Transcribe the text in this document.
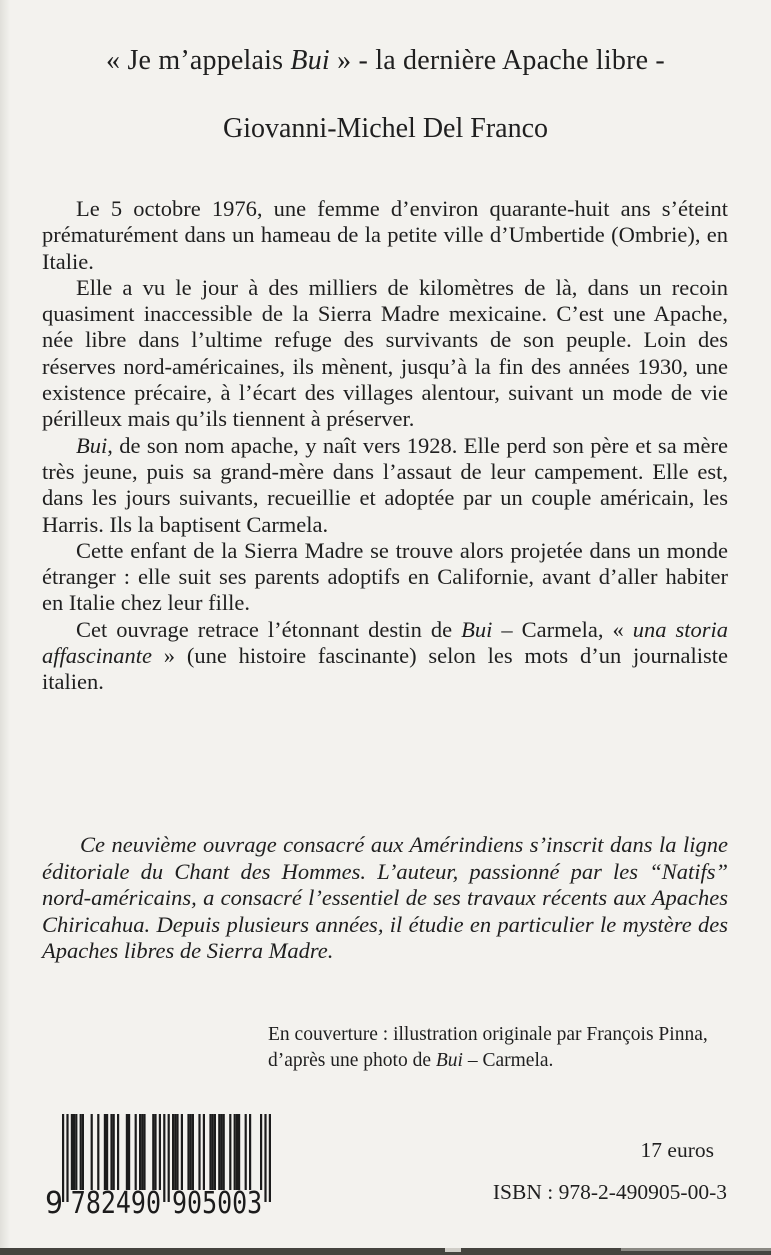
« Je m’appelais Bui » - la dernière Apache libre -
Giovanni-Michel Del Franco

Le 5 octobre 1976, une femme d’environ quarante-huit ans s’éteint prématurément dans un hameau de la petite ville d’Umbertide (Ombrie), en Italie.

Elle a vu le jour à des milliers de kilomètres de là, dans un recoin quasiment inaccessible de la Sierra Madre mexicaine. C’est une Apache, née libre dans l’ultime refuge des survivants de son peuple. Loin des réserves nord-américaines, ils mènent, jusqu’à la fin des années 1930, une existence précaire, à l’écart des villages alentour, suivant un mode de vie périlleux mais qu’ils tiennent à préserver.

Bui, de son nom apache, y naît vers 1928. Elle perd son père et sa mère très jeune, puis sa grand-mère dans l’assaut de leur campement. Elle est, dans les jours suivants, recueillie et adoptée par un couple américain, les Harris. Ils la baptisent Carmela.

Cette enfant de la Sierra Madre se trouve alors projetée dans un monde étranger : elle suit ses parents adoptifs en Californie, avant d’aller habiter en Italie chez leur fille.

Cet ouvrage retrace l’étonnant destin de Bui – Carmela, « una storia affascinante » (une histoire fascinante) selon les mots d’un journaliste italien.

Ce neuvième ouvrage consacré aux Amérindiens s’inscrit dans la ligne éditoriale du Chant des Hommes. L’auteur, passionné par les “Natifs” nord-américains, a consacré l’essentiel de ses travaux récents aux Apaches Chiricahua. Depuis plusieurs années, il étudie en particulier le mystère des Apaches libres de Sierra Madre.

En couverture : illustration originale par François Pinna,
d’après une photo de Bui – Carmela.
9 782490 905003
17 euros
ISBN : 978-2-490905-00-3
